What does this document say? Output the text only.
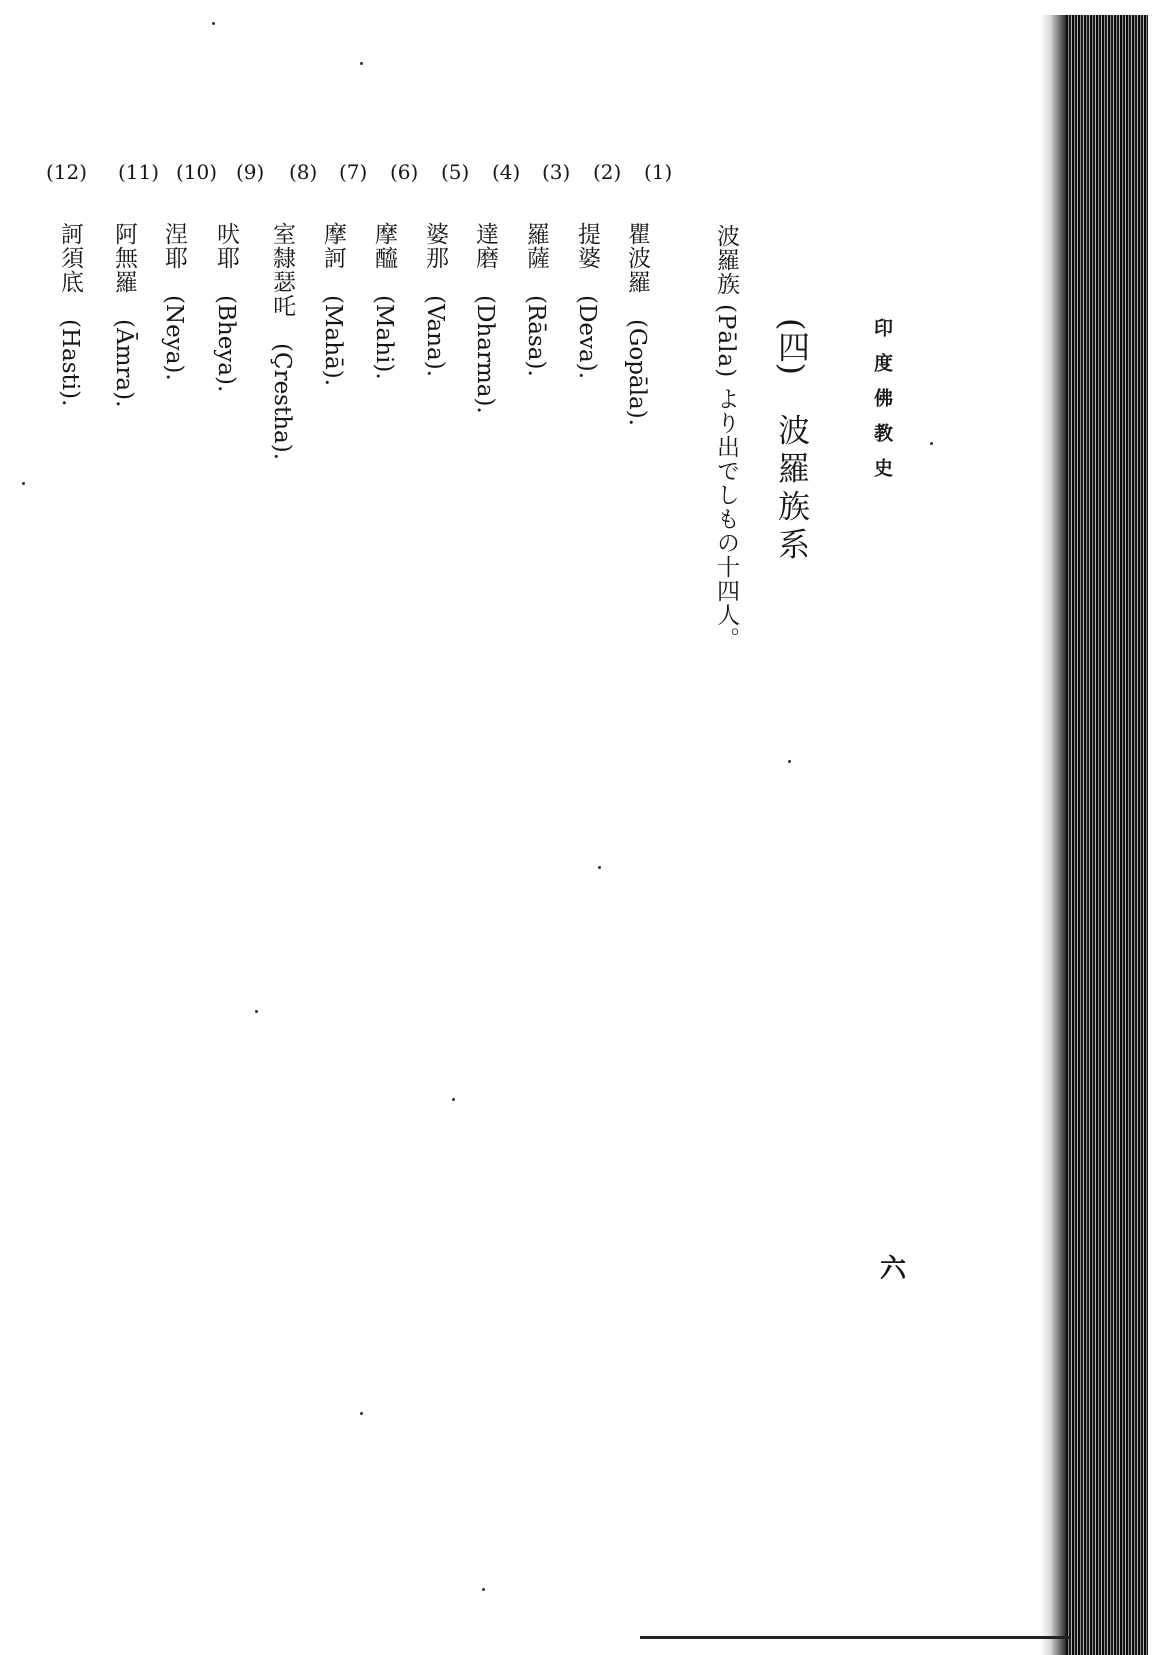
印度佛教史
(四) 波羅族系
波羅族 (Pāla) より出でしもの十四人。
(1)
(2)
(3)
(4)
(5)
(6)
(7)
(8)
(9)
(10)
(11)
(12)
瞿波羅 (Gopāla).
提婆 (Deva).
羅薩 (Rāsa).
達磨 (Dharma).
婆那 (Vana).
摩醯 (Mahi).
摩訶 (Mahā).
室隸瑟吒 (Çrestha).
吠耶 (Bheya).
涅耶 (Neya).
阿無羅 (Āmra).
訶須底 (Hasti).
六
